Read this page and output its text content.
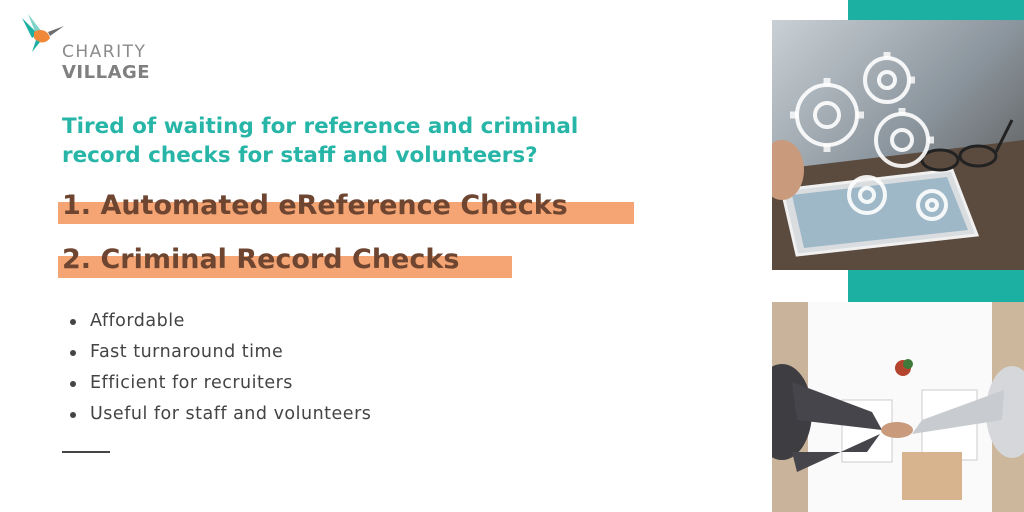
CHARITY
VILLAGE
Tired of waiting for reference and criminal record checks for staff and volunteers?
1. Automated eReference Checks
2. Criminal Record Checks
Affordable
Fast turnaround time
Efficient for recruiters
Useful for staff and volunteers
